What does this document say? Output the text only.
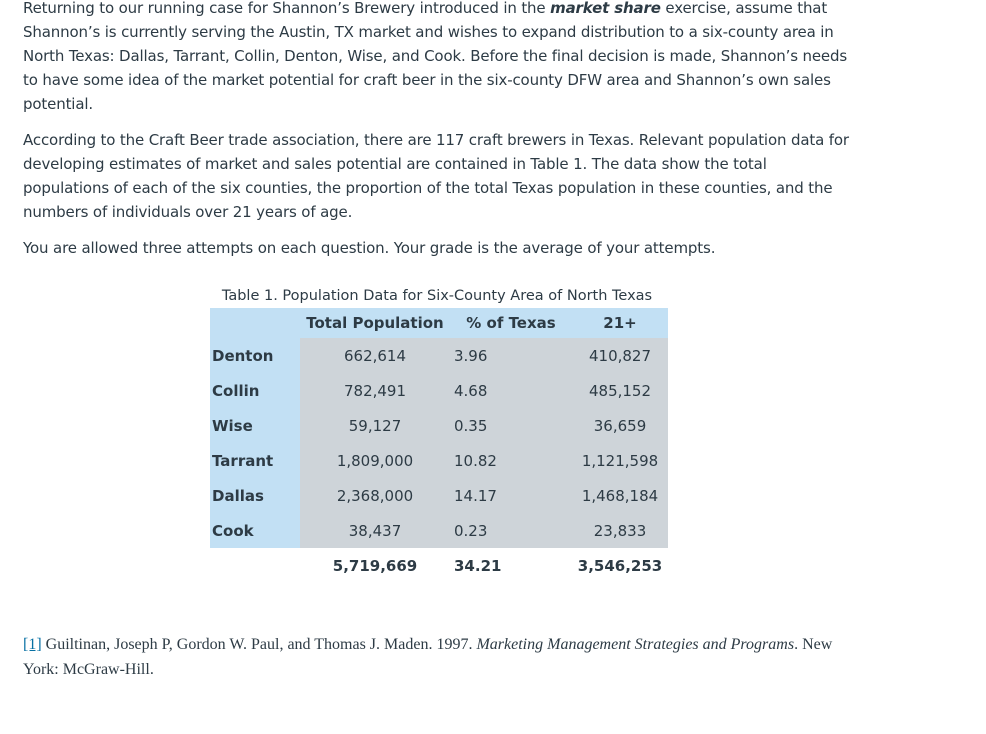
Returning to our running case for Shannon’s Brewery introduced in the market share exercise, assume that Shannon’s is currently serving the Austin, TX market and wishes to expand distribution to a six-county area in North Texas: Dallas, Tarrant, Collin, Denton, Wise, and Cook. Before the final decision is made, Shannon’s needs to have some idea of the market potential for craft beer in the six-county DFW area and Shannon’s own sales potential.

According to the Craft Beer trade association, there are 117 craft brewers in Texas. Relevant population data for developing estimates of market and sales potential are contained in Table 1. The data show the total populations of each of the six counties, the proportion of the total Texas population in these counties, and the numbers of individuals over 21 years of age.

You are allowed three attempts on each question. Your grade is the average of your attempts.

Table 1. Population Data for Six-County Area of North Texas
	Total Population	% of Texas	21+
Denton	662,614	3.96	410,827
Collin	782,491	4.68	485,152
Wise	59,127	0.35	36,659
Tarrant	1,809,000	10.82	1,121,598
Dallas	2,368,000	14.17	1,468,184
Cook	38,437	0.23	23,833
	5,719,669	34.21	3,546,253
[1] Guiltinan, Joseph P, Gordon W. Paul, and Thomas J. Maden. 1997. Marketing Management Strategies and Programs. New York: McGraw-Hill.
